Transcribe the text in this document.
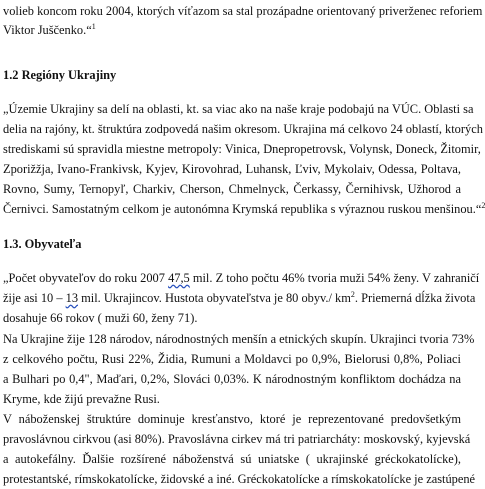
volieb koncom roku 2004, ktorých víťazom sa stal prozápadne orientovaný priverženec reforiem
Viktor Juščenko.“$^1$
1.2 Regióny Ukrajiny
„Územie Ukrajiny sa delí na oblasti, kt. sa viac ako na naše kraje podobajú na VÚC. Oblasti sa
delia na rajóny, kt. štruktúra zodpovedá našim okresom. Ukrajina má celkovo 24 oblastí, ktorých
strediskami sú spravidla miestne metropoly: Vinica, Dnepropetrovsk, Volynsk, Doneck, Žitomir,
Zporižžja, Ivano-Frankivsk, Kyjev, Kirovohrad, Luhansk, Ľviv, Mykolaiv, Odessa, Poltava,
Rovno, Sumy, Ternopyľ, Charkiv, Cherson, Chmelnyck, Čerkassy, Černihivsk, Užhorod a
Černivci. Samostatným celkom je autonómna Krymská republika s výraznou ruskou menšinou.“$^2$
1.3. Obyvateľa
„Počet obyvateľov do roku 2007 47,5 mil. Z toho počtu 46% tvoria muži 54% ženy. V zahraničí
žije asi 10 – 13 mil. Ukrajincov. Hustota obyvateľstva je 80 obyv./ $km^2$. Priemerná dĺžka života
dosahuje 66 rokov ( muži 60, ženy 71).
Na Ukrajine žije 128 národov, národnostných menšín a etnických skupín. Ukrajinci tvoria 73%
z celkového počtu, Rusi 22%, Židia, Rumuni a Moldavci po 0,9%, Bielorusi 0,8%, Poliaci
a Bulhari po 0,4", Maďari, 0,2%, Slováci 0,03%. K národnostným konfliktom dochádza na
Kryme, kde žijú prevažne Rusi.
V náboženskej štruktúre dominuje kresťanstvo, ktoré je reprezentované predovšetkým
pravoslávnou cirkvou (asi 80%). Pravoslávna cirkev má tri patriarcháty: moskovský, kyjevská
a autokefálny. Ďalšie rozšírené náboženstvá sú uniatske ( ukrajinské gréckokatolícke),
protestantské, rímskokatolícke, židovské a iné. Gréckokatolícke a rímskokatolícke je zastúpené
